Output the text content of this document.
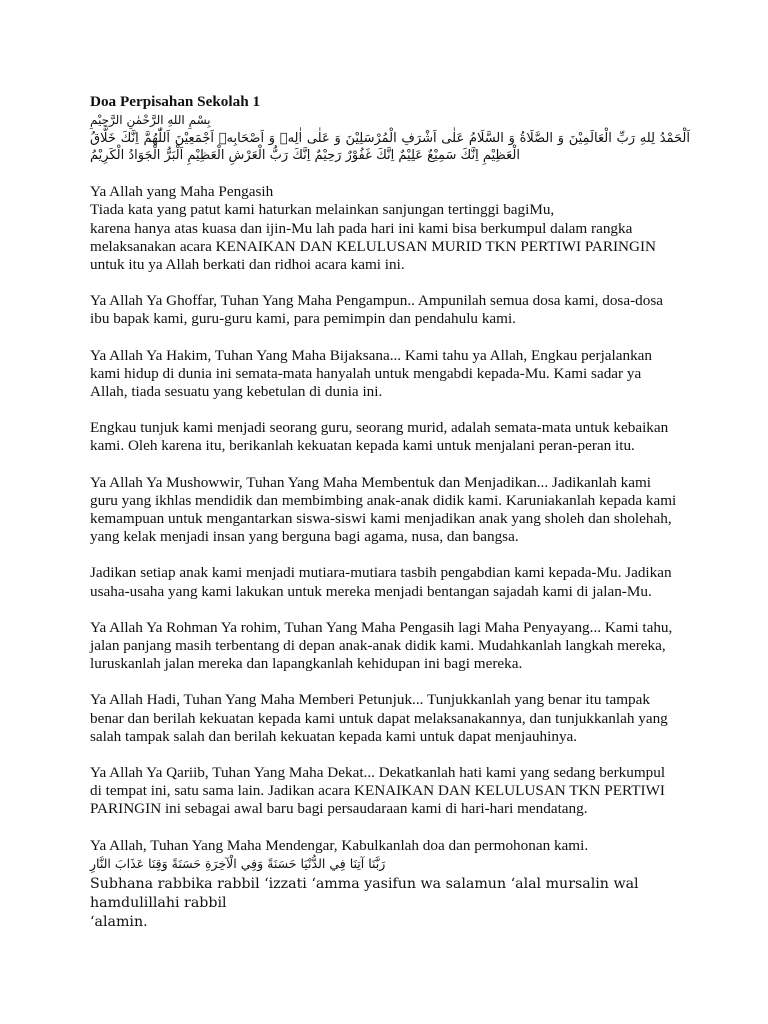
Doa Perpisahan Sekolah 1

بِسْمِ اللهِ الرَّحْمٰنِ الرَّحِيْمِ

اَلْحَمْدُ لِلهِ رَبِّ الْعَالَمِيْنَ وَ الصَّلَاةُ وَ السَّلَامُ عَلٰى اَشْرَفِ الْمُرْسَلِيْنَ وَ عَلٰى اٰلِهٖ وَ اَصْحَابِهٖ اَجْمَعِيْنَ اَللّٰهُمَّ اِنَّكَ خَلَّاقُ الْعَظِيْمِ اِنَّكَ سَمِيْعٌ عَلِيْمٌ اِنَّكَ غَفُوْرٌ رَحِيْمٌ اِنَّكَ رَبُّ الْعَرْشِ الْعَظِيْمِ اَلْبَرُّ الْجَوَادُ الْكَرِيْمُ

Ya Allah yang Maha Pengasih
Tiada kata yang patut kami haturkan melainkan sanjungan tertinggi bagiMu,
karena hanya atas kuasa dan ijin-Mu lah pada hari ini kami bisa berkumpul dalam rangka
melaksanakan acara KENAIKAN DAN KELULUSAN MURID TKN PERTIWI PARINGIN
untuk itu ya Allah berkati dan ridhoi acara kami ini.

Ya Allah Ya Ghoffar, Tuhan Yang Maha Pengampun.. Ampunilah semua dosa kami, dosa-dosa
ibu bapak kami, guru-guru kami, para pemimpin dan pendahulu kami.

Ya Allah Ya Hakim, Tuhan Yang Maha Bijaksana... Kami tahu ya Allah, Engkau perjalankan
kami hidup di dunia ini semata-mata hanyalah untuk mengabdi kepada-Mu. Kami sadar ya
Allah, tiada sesuatu yang kebetulan di dunia ini.

Engkau tunjuk kami menjadi seorang guru, seorang murid, adalah semata-mata untuk kebaikan
kami. Oleh karena itu, berikanlah kekuatan kepada kami untuk menjalani peran-peran itu.

Ya Allah Ya Mushowwir, Tuhan Yang Maha Membentuk dan Menjadikan... Jadikanlah kami
guru yang ikhlas mendidik dan membimbing anak-anak didik kami. Karuniakanlah kepada kami
kemampuan untuk mengantarkan siswa-siswi kami menjadikan anak yang sholeh dan sholehah,
yang kelak menjadi insan yang berguna bagi agama, nusa, dan bangsa.

Jadikan setiap anak kami menjadi mutiara-mutiara tasbih pengabdian kami kepada-Mu. Jadikan
usaha-usaha yang kami lakukan untuk mereka menjadi bentangan sajadah kami di jalan-Mu.

Ya Allah Ya Rohman Ya rohim, Tuhan Yang Maha Pengasih lagi Maha Penyayang... Kami tahu,
jalan panjang masih terbentang di depan anak-anak didik kami. Mudahkanlah langkah mereka,
luruskanlah jalan mereka dan lapangkanlah kehidupan ini bagi mereka.

Ya Allah Hadi, Tuhan Yang Maha Memberi Petunjuk... Tunjukkanlah yang benar itu tampak
benar dan berilah kekuatan kepada kami untuk dapat melaksanakannya, dan tunjukkanlah yang
salah tampak salah dan berilah kekuatan kepada kami untuk dapat menjauhinya.

Ya Allah Ya Qariib, Tuhan Yang Maha Dekat... Dekatkanlah hati kami yang sedang berkumpul
di tempat ini, satu sama lain. Jadikan acara KENAIKAN DAN KELULUSAN TKN PERTIWI
PARINGIN ini sebagai awal baru bagi persaudaraan kami di hari-hari mendatang.

Ya Allah, Tuhan Yang Maha Mendengar, Kabulkanlah doa dan permohonan kami.

رَبَّنَا آتِنَا فِي الدُّنْيَا حَسَنَةً وَفِي الْآخِرَةِ حَسَنَةً وَقِنَا عَذَابَ النَّارِ

Subhana rabbika rabbil ‘izzati ‘amma yasifun wa salamun ‘alal mursalin wal hamdulillahi rabbil
‘alamin.
